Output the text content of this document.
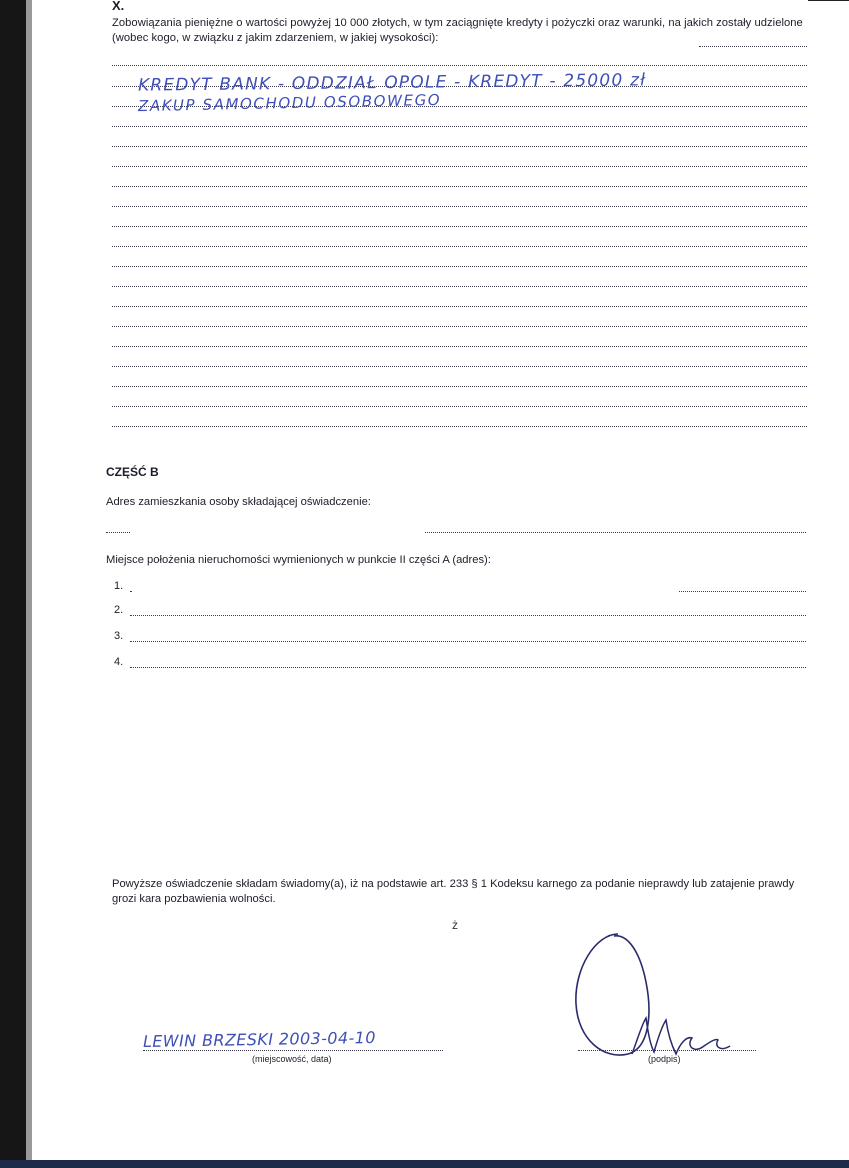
X.
Zobowiązania pieniężne o wartości powyżej 10 000 złotych, w tym zaciągnięte kredyty i pożyczki oraz warunki, na jakich zostały udzielone (wobec kogo, w związku z jakim zdarzeniem, w jakiej wysokości):
KREDYT BANK - ODDZIAŁ OPOLE - KREDYT - 25000 zł
ZAKUP SAMOCHODU OSOBOWEGO
CZĘŚĆ B
Adres zamieszkania osoby składającej oświadczenie:
Miejsce położenia nieruchomości wymienionych w punkcie II części A (adres):
1.
2.
3.
4.
Powyższe oświadczenie składam świadomy(a), iż na podstawie art. 233 § 1 Kodeksu karnego za podanie nieprawdy lub zatajenie prawdy grozi kara pozbawienia wolności.
ż
LEWIN BRZESKI 2003-04-10
(miejscowość, data)	(podpis)
